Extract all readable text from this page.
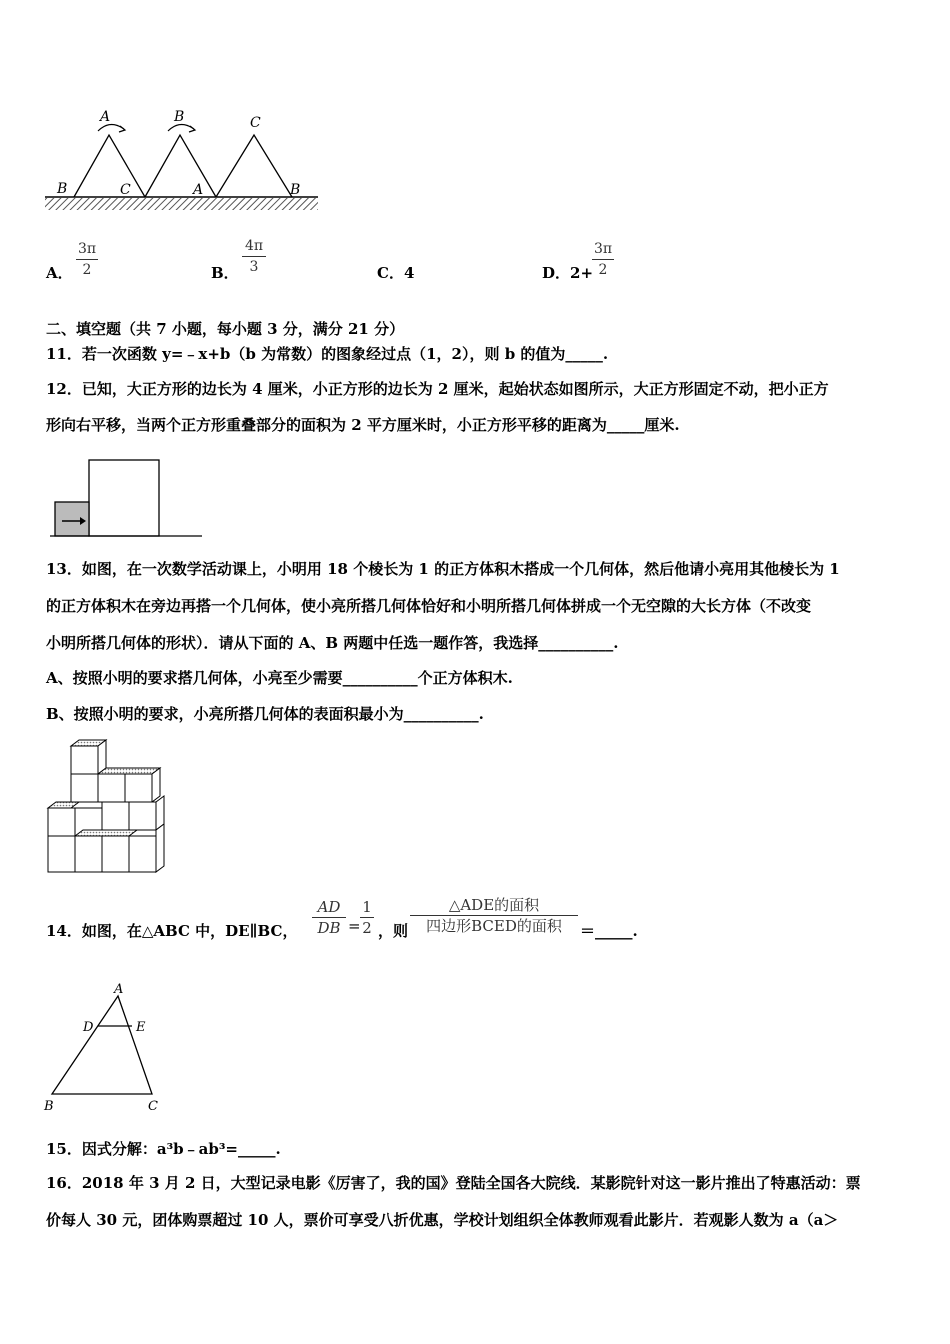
A
B	C
B	C
A	B
A．
3π
2	B．
4π
3	C．4	D．2+
3π
2
二、填空题（共 7 小题，每小题 3 分，满分 21 分）
11．若一次函数 y=﹣x+b（b 为常数）的图象经过点（1，2），则 b 的值为_____.
12．已知，大正方形的边长为 4 厘米，小正方形的边长为 2 厘米，起始状态如图所示，大正方形固定不动，把小正方
形向右平移，当两个正方形重叠部分的面积为 2 平方厘米时，小正方形平移的距离为_____厘米.
13．如图，在一次数学活动课上，小明用 18 个棱长为 1 的正方体积木搭成一个几何体，然后他请小亮用其他棱长为 1
的正方体积木在旁边再搭一个几何体，使小亮所搭几何体恰好和小明所搭几何体拼成一个无空隙的大长方体（不改变
小明所搭几何体的形状）．请从下面的 A、B 两题中任选一题作答，我选择__________.
A、按照小明的要求搭几何体，小亮至少需要__________个正方体积木.
B、按照小明的要求，小亮所搭几何体的表面积最小为__________.
14．如图，在△ABC 中，DE∥BC，
AD
DB =
1
2 ，则
△ADE的面积
四边形BCED的面积	＝_____.
A
D	E
B	C
15．因式分解：a³b﹣ab³=_____.
16．2018 年 3 月 2 日，大型记录电影《厉害了，我的国》登陆全国各大院线．某影院针对这一影片推出了特惠活动：票
价每人 30 元，团体购票超过 10 人，票价可享受八折优惠，学校计划组织全体教师观看此影片．若观影人数为 a（a＞
